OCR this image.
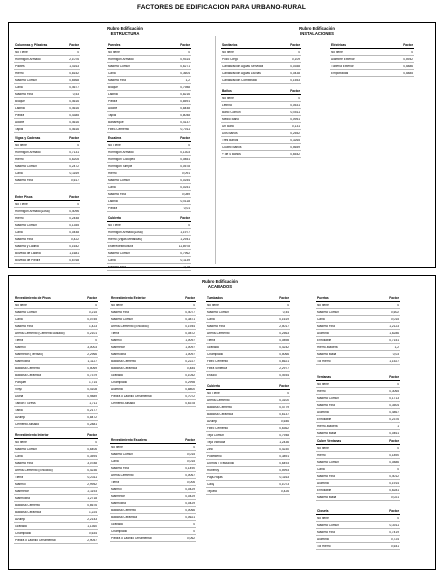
FACTORES DE EDIFICACION PARA URBANO-RURAL
Rubro Edificación
ESTRUCTURA
Rubro Edificación
INSTALACIONES
Rubro Edificación
ACABADOS
Columnas y Pilastras	Factor
No Tiene	0
Hormigón Armado	2,1076
Pilotes	1,4163
Hierro	0,8152
Madera Común	0,6568
Caña	0,4677
Madera Fina	0,53
Bloque	0,4616
Ladrillo	0,4616
Piedra	0,4385
Adobe	0,4616
Tapial	0,4616
Vigas y Cadenas	Factor
No tiene	0
Hormigón Armado	0,7131
Hierro	0,6205
Madera Común	0,2472
Caña	0,1169
Madera Fina	0,617
Entre Pisos	Factor
No Tiene	0
Hormigón Armado(Losa)	0,4096
Hierro	0,2448
Madera Común	0,1355
Caña	0,0448
Madera Fina	0,422
Madera y Ladrillo	0,1642
Bóveda de Ladrillo	1,1681
Bóveda de Piedra	0,6768
Paredes	Factor
No tiene	0
Hormigón Armado	0,9314
Madera Común	0,6271
Caña	0,3604
Madera Fina	1,2
Bloque	0,7988
Ladrillo	0,8216
Piedra	0,8591
Adobe	0,8448
Tapial	0,8048
Bahareque	0,4137
Fibro-Cemento	0,7011
Escalera	Factor
No Tiene	0
Hormigón Armado	0,1303
Hormigón Ciclopeo	0,0851
Hormigón Simple	0,0578
Hierro	0,091
Madera Común	0,0254
Caña	0,0251
Madera Fina	0,089
Ladrillo	0,0118
Piedra	0,01
Cubierta	Factor
No Tiene	0
Hormigón Armado(Losa)	1,1977
Hierro (Vigas Metálicas)	1,2941
Estereoestructura	11,8978
Madera Común	0,7962
Caña	0,1139
Madera Fina	0,78
Sanitarios	Factor
No tiene	0
Pozo Ciego	0,109
Canalización Aguas Servidas	0,0358
Canalización Aguas Lluvias	0,0438
Canalización Combinado	0,1553
Baños	Factor
No tiene	0
Letrina	0,0531
Baño Común	0,0511
Medio Baño	0,0951
Un Baño	0,131
Dos Baños	0,2552
Tres Baños	0,3265
Cuatro Baños	0,5659
+ de 4 Baños	0,6542
Eléctricas	Factor
No tiene	0
Alambre Exterior	0,5942
Tubería Exterior	0,5886
Empotradas	0,5885
Revestimiento de Pisos	Factor
No tiene	0
Madera Común	0,215
Caña	0,0755
Madera Fina	1,423
Arena-Cemento (Cemento Alisado)	0,2101
Tierra	0
Mármol	3,0003
Marmeton (Terrazo)	2,2966
Marmolina	1,1127
Baldosa Cemento	0,5069
Baldosa Cerámica	0,7379
Parquet	1,714
Vinyl	0,4108
Duela	0,9889
Tablón / Gress	1,711
Tabla	0,2177
Azulejo	0,8472
Cemento Alisado	0,2881
Revestimiento Interior	Factor
No tiene	0
Madera Común	0,6406
Caña	0,3594
Madera Fina	3,0788
Arena-Cemento (Enlucido)	0,4236
Tierra	0,2311
Mármol	2,9952
Marmeton	2,1193
Marmolina	1,2718
Baldosa Cemento	0,6676
Baldosa Cerámica	1,224
Azulejo	2,2143
Grafiado	1,1360
Champiado	0,634
Piedra o Ladrillo Ornamental	2,9057
Revestimiento Exterior	Factor
No tiene	0
Madera Fina	0,4077
Madera Común	0,3871
Arena-Cemento (Enlucido)	0,1944
Tierra	0,0872
Mármol	1,0097
Marmeton	1,0097
Marmolina	1,0097
Baldosa Cemento	0,2227
Baldosa Cerámica	0,484
Grafiado	0,1052
Champiado	0,2998
Aluminio	0,8800
Piedra o Ladrillo Ornamental	0,7072
Cemento Alisado	0,6378
Revestimiento Escalera	Factor
No tiene	0
Madera Común	0,015
Caña	0,015
Madera Fina	0,1490
Arena-Cemento	0,0067
Tierra	0,006
Mármol	0,0429
Marmeton	0,0429
Marmolina	0,0429
Baldosa Cemento	0,0066
Baldosa Cerámica	0,0621
Grafiado	0
Champiado	0
Piedra o Ladrillo Ornamental	0,062
Tumbados	Factor
No tiene	0
Madera Común	0,44
Caña	0,1619
Madera Fina	2,5017
Arena-Cemento	0,2563
Tierra	0,0898
Grafiado	0,4242
Champiado	0,5066
Fibro Cemento	0,6621
Fibra Sintética	2,2977
Estuco	0,4934
Cubierta	Factor
No Tiene	0
Arena-Cemento	0,3100
Baldosa Cemento	0,4779
Baldosa Cerámica	0,6137
Azulejo	0,646
Fibro Cemento	0,6362
Teja Común	0,7948
Teja Vidriada	1,2436
Zinc	0,4230
Polietileno	0,3891
Domos / Traslúcido	0,6493
Ruberoy	0,5993
Paja-Hojas	0,1163
Cady	0,1073
Tejuelo	0,426
Puertas	Factor
No tiene	0
Madera Común	0,602
Caña	0,015
Madera Fina	1,2123
Aluminio	1,6286
Enrollable	0,7151
Hierro-Madera	1,2
Madera Malla	0,03
Tol Hierro	1,1527
Ventanas	Factor
No tiene	0
Hierro	0,3065
Madera Común	0,1713
Madera Fina	0,3504
Aluminio	0,4867
Enrollable	0,2376
Hierro-Madera	1
Madera Malla	0,0461
Cubre Ventanas	Factor
No tiene	0
Hierro	0,1890
Madera Común	0,0886
Caña	0
Madera Fina	0,4012
Aluminio	0,1914
Enrollable	0,6281
Madera Malla	0,021
Closets	Factor
No tiene	0
Madera Común	0,3011
Madera Fina	0,7419
Aluminio	0,724
Tol Hierro	0,641
